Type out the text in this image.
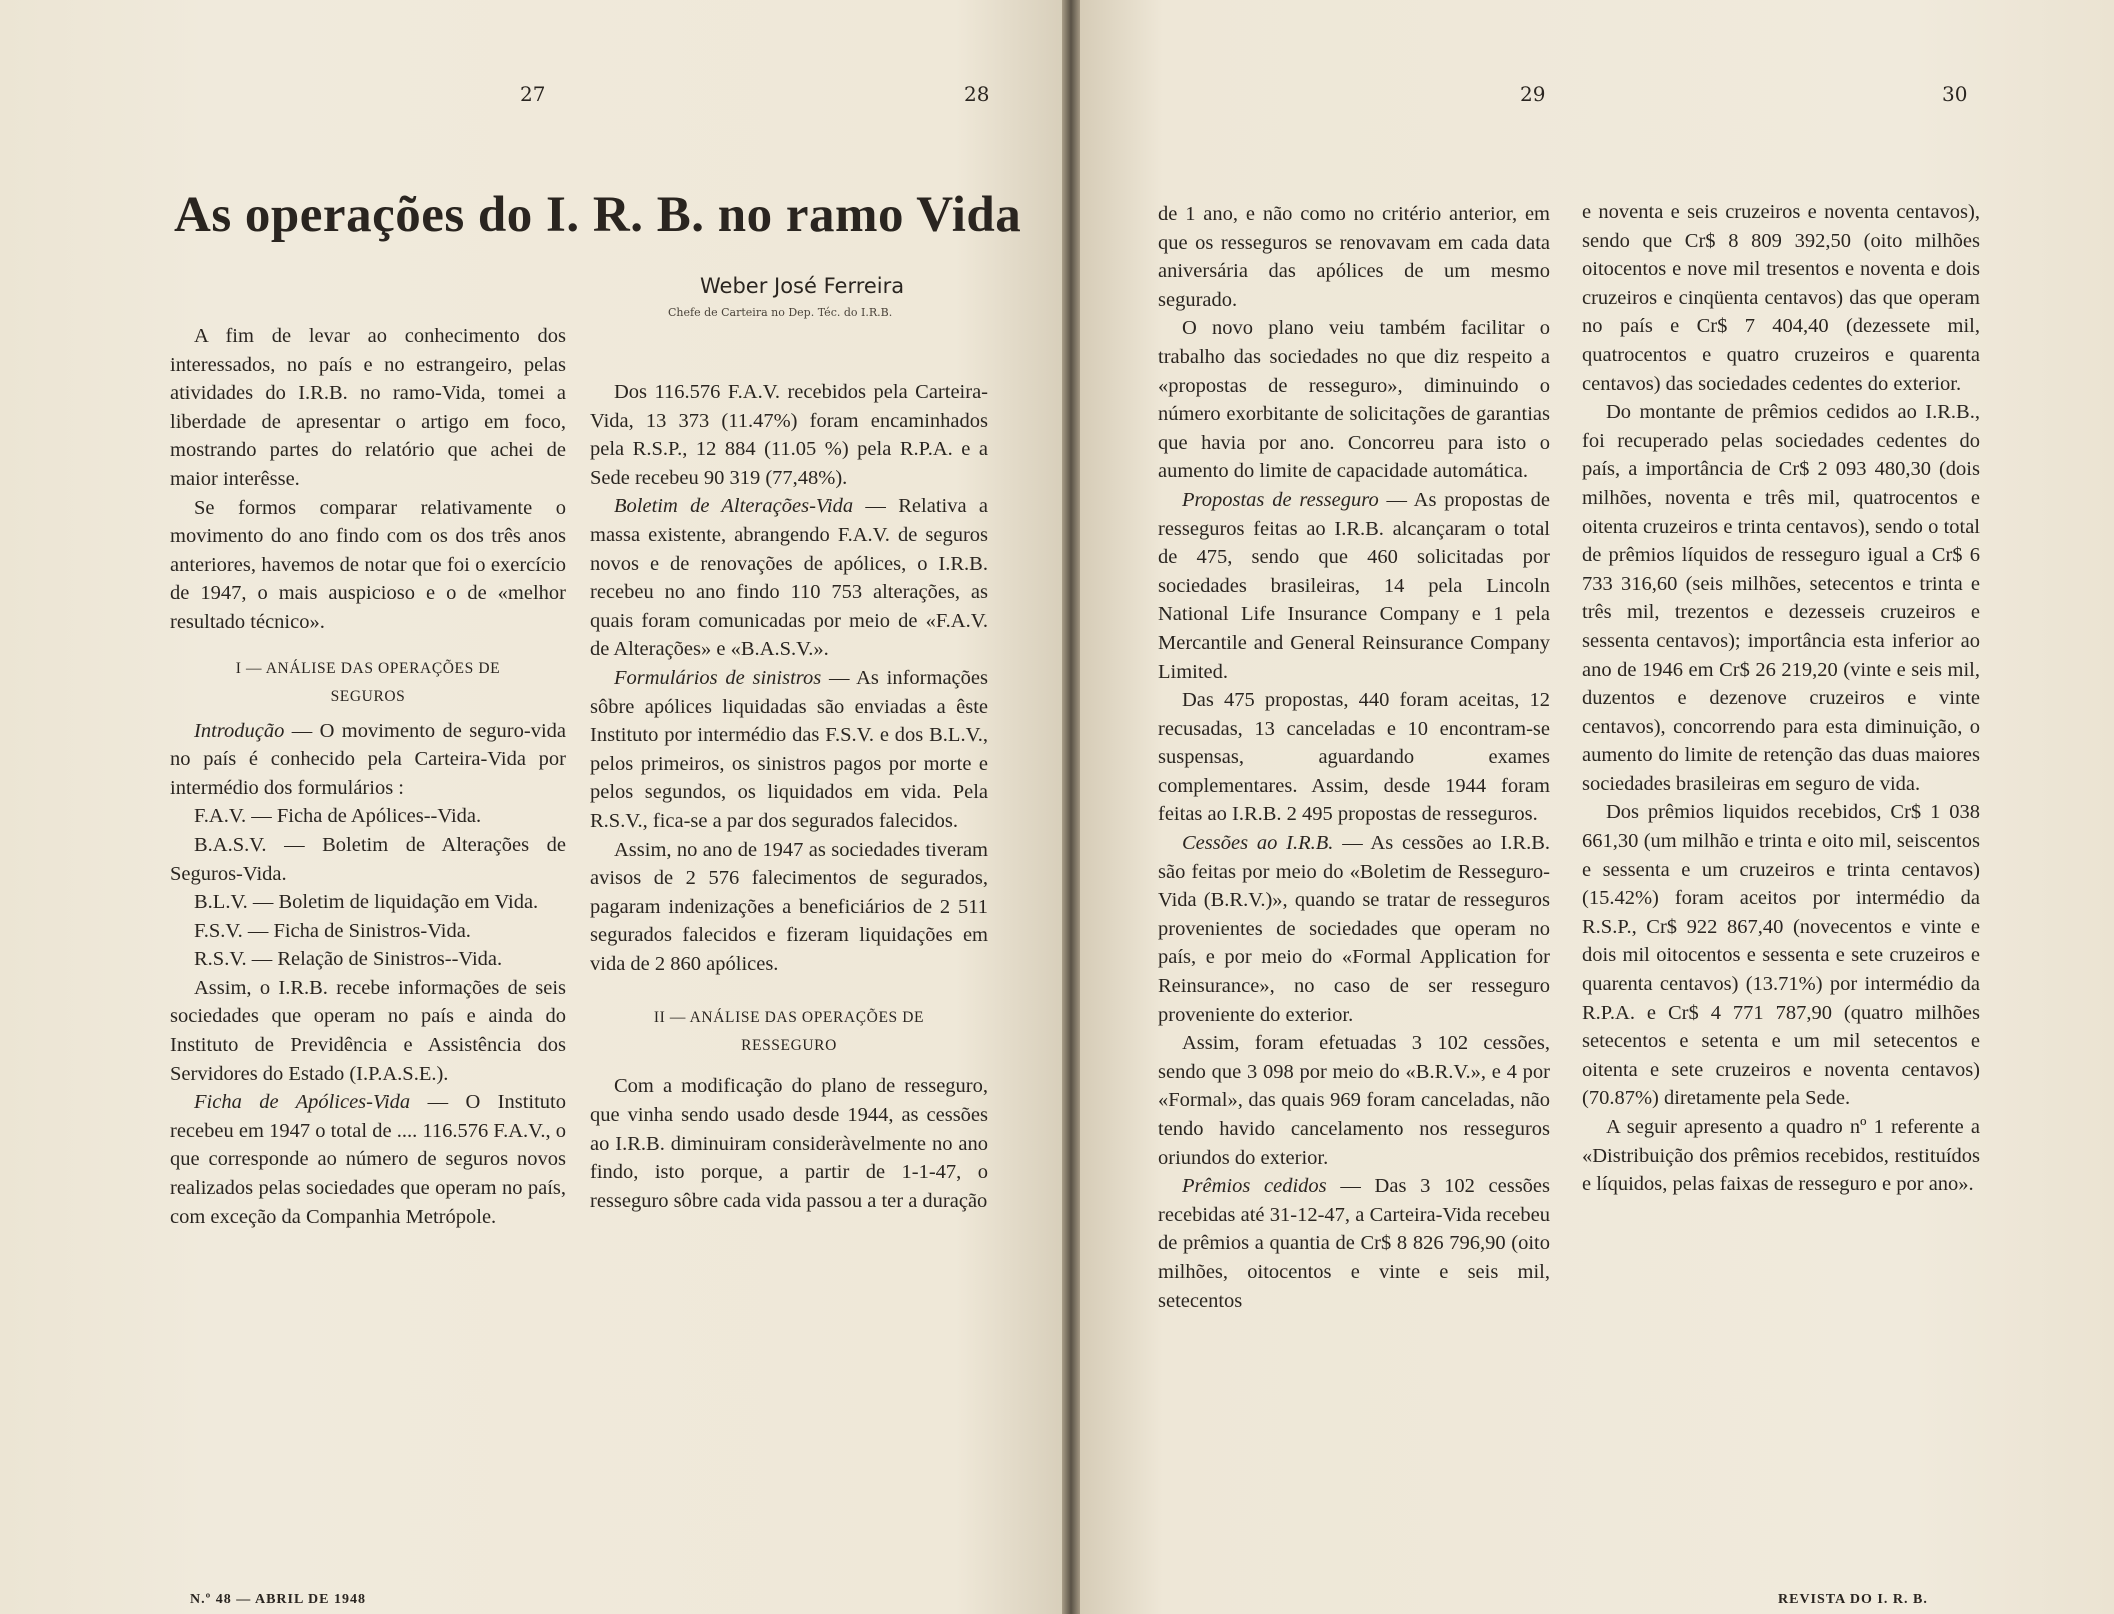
27	28
As operações do I. R. B. no ramo Vida
Weber José Ferreira
Chefe de Carteira no Dep. Téc. do I.R.B.

A fim de levar ao conhecimento dos interessados, no país e no estrangeiro, pelas atividades do I.R.B. no ramo-Vida, tomei a liberdade de apresentar o artigo em foco, mostrando partes do relatório que achei de maior interêsse.

Se formos comparar relativamente o movimento do ano findo com os dos três anos anteriores, havemos de notar que foi o exercício de 1947, o mais auspicioso e o de «melhor resultado técnico».

I — ANÁLISE DAS OPERAÇÕES DE
SEGUROS

Introdução — O movimento de seguro-vida no país é conhecido pela Carteira-Vida por intermédio dos formulários :

F.A.V. — Ficha de Apólices--Vida.

B.A.S.V. — Boletim de Alterações de Seguros-Vida.

B.L.V. — Boletim de liquidação em Vida.

F.S.V. — Ficha de Sinistros-Vida.

R.S.V. — Relação de Sinistros--Vida.

Assim, o I.R.B. recebe informações de seis sociedades que operam no país e ainda do Instituto de Previdência e Assistência dos Servidores do Estado (I.P.A.S.E.).

Ficha de Apólices-Vida — O Instituto recebeu em 1947 o total de .... 116.576 F.A.V., o que corresponde ao número de seguros novos realizados pelas sociedades que operam no país, com exceção da Companhia Metrópole.

Dos 116.576 F.A.V. recebidos pela Carteira-Vida, 13 373 (11.47%) foram encaminhados pela R.S.P., 12 884 (11.05 %) pela R.P.A. e a Sede recebeu 90 319 (77,48%).

Boletim de Alterações-Vida — Relativa a massa existente, abrangendo F.A.V. de seguros novos e de renovações de apólices, o I.R.B. recebeu no ano findo 110 753 alterações, as quais foram comunicadas por meio de «F.A.V. de Alterações» e «B.A.S.V.».

Formulários de sinistros — As informações sôbre apólices liquidadas são enviadas a êste Instituto por intermédio das F.S.V. e dos B.L.V., pelos primeiros, os sinistros pagos por morte e pelos segundos, os liquidados em vida. Pela R.S.V., fica-se a par dos segurados falecidos.

Assim, no ano de 1947 as sociedades tiveram avisos de 2 576 falecimentos de segurados, pagaram indenizações a beneficiários de 2 511 segurados falecidos e fizeram liquidações em vida de 2 860 apólices.

II — ANÁLISE DAS OPERAÇÕES DE
RESSEGURO

Com a modificação do plano de resseguro, que vinha sendo usado desde 1944, as cessões ao I.R.B. diminuiram consideràvelmente no ano findo, isto porque, a partir de 1-1-47, o resseguro sôbre cada vida passou a ter a duração

N.º 48 — ABRIL DE 1948
29	30

de 1 ano, e não como no critério anterior, em que os resseguros se renovavam em cada data aniversária das apólices de um mesmo segurado.

O novo plano veiu também facilitar o trabalho das sociedades no que diz respeito a «propostas de resseguro», diminuindo o número exorbitante de solicitações de garantias que havia por ano. Concorreu para isto o aumento do limite de capacidade automática.

Propostas de resseguro — As propostas de resseguros feitas ao I.R.B. alcançaram o total de 475, sendo que 460 solicitadas por sociedades brasileiras, 14 pela Lincoln National Life Insurance Company e 1 pela Mercantile and General Reinsurance Company Limited.

Das 475 propostas, 440 foram aceitas, 12 recusadas, 13 canceladas e 10 encontram-se suspensas, aguardando exames complementares. Assim, desde 1944 foram feitas ao I.R.B. 2 495 propostas de resseguros.

Cessões ao I.R.B. — As cessões ao I.R.B. são feitas por meio do «Boletim de Resseguro-Vida (B.R.V.)», quando se tratar de resseguros provenientes de sociedades que operam no país, e por meio do «Formal Application for Reinsurance», no caso de ser resseguro proveniente do exterior.

Assim, foram efetuadas 3 102 cessões, sendo que 3 098 por meio do «B.R.V.», e 4 por «Formal», das quais 969 foram canceladas, não tendo havido cancelamento nos resseguros oriundos do exterior.

Prêmios cedidos — Das 3 102 cessões recebidas até 31-12-47, a Carteira-Vida recebeu de prêmios a quantia de Cr$ 8 826 796,90 (oito milhões, oitocentos e vinte e seis mil, setecentos

e noventa e seis cruzeiros e noventa centavos), sendo que Cr$ 8 809 392,50 (oito milhões oitocentos e nove mil tresentos e noventa e dois cruzeiros e cinqüenta centavos) das que operam no país e Cr$ 7 404,40 (dezessete mil, quatrocentos e quatro cruzeiros e quarenta centavos) das sociedades cedentes do exterior.

Do montante de prêmios cedidos ao I.R.B., foi recuperado pelas sociedades cedentes do país, a importância de Cr$ 2 093 480,30 (dois milhões, noventa e três mil, quatrocentos e oitenta cruzeiros e trinta centavos), sendo o total de prêmios líquidos de resseguro igual a Cr$ 6 733 316,60 (seis milhões, setecentos e trinta e três mil, trezentos e dezesseis cruzeiros e sessenta centavos); importância esta inferior ao ano de 1946 em Cr$ 26 219,20 (vinte e seis mil, duzentos e dezenove cruzeiros e vinte centavos), concorrendo para esta diminuição, o aumento do limite de retenção das duas maiores sociedades brasileiras em seguro de vida.

Dos prêmios liquidos recebidos, Cr$ 1 038 661,30 (um milhão e trinta e oito mil, seiscentos e sessenta e um cruzeiros e trinta centavos) (15.42%) foram aceitos por intermédio da R.S.P., Cr$ 922 867,40 (novecentos e vinte e dois mil oitocentos e sessenta e sete cruzeiros e quarenta centavos) (13.71%) por intermédio da R.P.A. e Cr$ 4 771 787,90 (quatro milhões setecentos e setenta e um mil setecentos e oitenta e sete cruzeiros e noventa centavos) (70.87%) diretamente pela Sede.

A seguir apresento a quadro nº 1 referente a «Distribuição dos prêmios recebidos, restituídos e líquidos, pelas faixas de resseguro e por ano».

REVISTA DO I. R. B.
